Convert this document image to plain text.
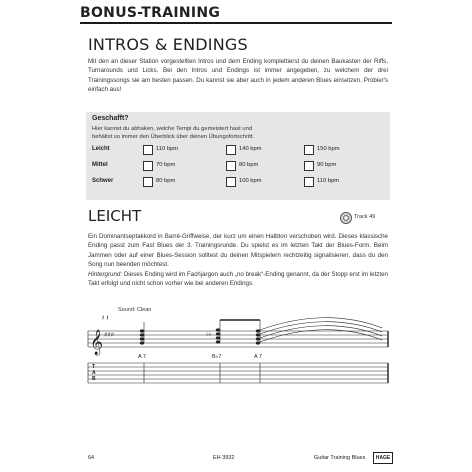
BONUS-TRAINING
INTROS & ENDINGS
Mit den an dieser Station vorgestellten Intros und dem Ending komplettierst du deinen Baukasten der Riffs, Turnarounds und Licks. Bei den Intros und Endings ist immer angegeben, zu welchem der drei Trainingssongs sie am besten passen. Du kannst sie aber auch in jedem anderen Blues einsetzen. Probier's einfach aus!
Geschafft?
Hier kannst du abhaken, welche Tempi du gemeistert hast und behältst so immer den Überblick über deinen Übungsfortschritt.
Leicht	110 bpm	140 bpm	150 bpm
Mittel	70 bpm	80 bpm	90 bpm
Schwer	80 bpm	100 bpm	110 bpm
LEICHT	Track 49
Ein Dominantseptakkord in Barré-Griffweise, der kurz um einen Halbton verschoben wird. Dieses klassische Ending passt zum Fast Blues der 3. Trainingsrunde. Du spielst es im letzten Takt der Blues-Form. Beim Jammen oder auf einer Blues-Session solltest du deinen Mitspielern rechtzeitig signalisieren, dass du den Song nun beenden möchtest.
Hintergrund: Dieses Ending wird im Fachjargon auch „no break“-Ending genannt, da der Stopp erst im letzten Takt erfolgt und nicht schon vorher wie bei anderen Endings.
Sound: Clean
𝄞 ♯♯♯	♭♭
𝄽 𝄽
A 7	B♭7	A 7
T
A
B
64	EH 3932	Guitar Training Blues	HAGE
